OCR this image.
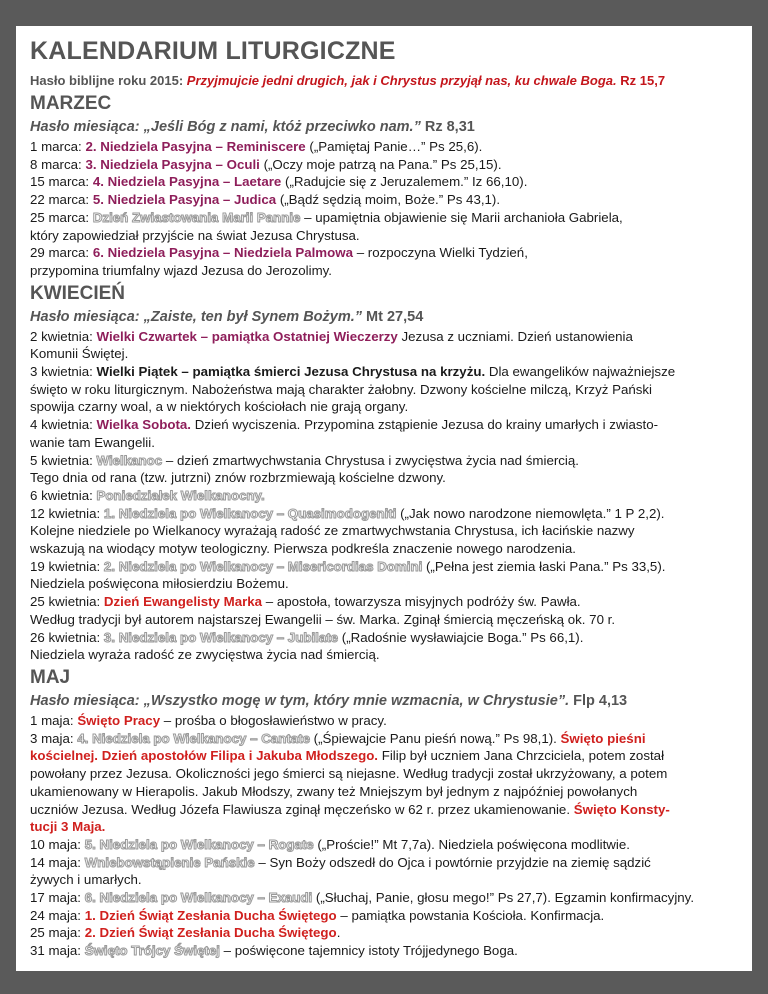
KALENDARIUM LITURGICZNE
Hasło biblijne roku 2015: Przyjmujcie jedni drugich, jak i Chrystus przyjął nas, ku chwale Boga. Rz 15,7
MARZEC
Hasło miesiąca: „Jeśli Bóg z nami, któż przeciwko nam.” Rz 8,31

1 marca: 2. Niedziela Pasyjna – Reminiscere („Pamiętaj Panie…” Ps 25,6).

8 marca: 3. Niedziela Pasyjna – Oculi („Oczy moje patrzą na Pana.” Ps 25,15).

15 marca: 4. Niedziela Pasyjna – Laetare („Radujcie się z Jeruzalemem.” Iz 66,10).

22 marca: 5. Niedziela Pasyjna – Judica („Bądź sędzią moim, Boże.” Ps 43,1).

25 marca: Dzień Zwiastowania Marii Pannie – upamiętnia objawienie się Marii archanioła Gabriela,
który zapowiedział przyjście na świat Jezusa Chrystusa.

29 marca: 6. Niedziela Pasyjna – Niedziela Palmowa – rozpoczyna Wielki Tydzień,
przypomina triumfalny wjazd Jezusa do Jerozolimy.

KWIECIEŃ
Hasło miesiąca: „Zaiste, ten był Synem Bożym.” Mt 27,54

2 kwietnia: Wielki Czwartek – pamiątka Ostatniej Wieczerzy Jezusa z uczniami. Dzień ustanowienia
Komunii Świętej.

3 kwietnia: Wielki Piątek – pamiątka śmierci Jezusa Chrystusa na krzyżu. Dla ewangelików najważniejsze
święto w roku liturgicznym. Nabożeństwa mają charakter żałobny. Dzwony kościelne milczą, Krzyż Pański
spowija czarny woal, a w niektórych kościołach nie grają organy.

4 kwietnia: Wielka Sobota. Dzień wyciszenia. Przypomina zstąpienie Jezusa do krainy umarłych i zwiasto-
wanie tam Ewangelii.

5 kwietnia: Wielkanoc – dzień zmartwychwstania Chrystusa i zwycięstwa życia nad śmiercią.
Tego dnia od rana (tzw. jutrzni) znów rozbrzmiewają kościelne dzwony.

6 kwietnia: Poniedziałek Wielkanocny.

12 kwietnia: 1. Niedziela po Wielkanocy – Quasimodogeniti („Jak nowo narodzone niemowlęta.” 1 P 2,2).
Kolejne niedziele po Wielkanocy wyrażają radość ze zmartwychwstania Chrystusa, ich łacińskie nazwy
wskazują na wiodący motyw teologiczny. Pierwsza podkreśla znaczenie nowego narodzenia.

19 kwietnia: 2. Niedziela po Wielkanocy – Misericordias Domini („Pełna jest ziemia łaski Pana.” Ps 33,5).
Niedziela poświęcona miłosierdziu Bożemu.

25 kwietnia: Dzień Ewangelisty Marka – apostoła, towarzysza misyjnych podróży św. Pawła.
Według tradycji był autorem najstarszej Ewangelii – św. Marka. Zginął śmiercią męczeńską ok. 70 r.

26 kwietnia: 3. Niedziela po Wielkanocy – Jubilate („Radośnie wysławiajcie Boga.” Ps 66,1).
Niedziela wyraża radość ze zwycięstwa życia nad śmiercią.

MAJ
Hasło miesiąca: „Wszystko mogę w tym, który mnie wzmacnia, w Chrystusie”. Flp 4,13

1 maja: Święto Pracy – prośba o błogosławieństwo w pracy.

3 maja: 4. Niedziela po Wielkanocy – Cantate („Śpiewajcie Panu pieśń nową.” Ps 98,1). Święto pieśni
kościelnej. Dzień apostołów Filipa i Jakuba Młodszego. Filip był uczniem Jana Chrzciciela, potem został
powołany przez Jezusa. Okoliczności jego śmierci są niejasne. Według tradycji został ukrzyżowany, a potem
ukamienowany w Hierapolis. Jakub Młodszy, zwany też Mniejszym był jednym z najpóźniej powołanych
uczniów Jezusa. Według Józefa Flawiusza zginął męczeńsko w 62 r. przez ukamienowanie. Święto Konsty-
tucji 3 Maja.

10 maja: 5. Niedziela po Wielkanocy – Rogate („Proście!” Mt 7,7a). Niedziela poświęcona modlitwie.

14 maja: Wniebowstąpienie Pańskie – Syn Boży odszedł do Ojca i powtórnie przyjdzie na ziemię sądzić
żywych i umarłych.

17 maja: 6. Niedziela po Wielkanocy – Exaudi („Słuchaj, Panie, głosu mego!” Ps 27,7). Egzamin konfirmacyjny.

24 maja: 1. Dzień Świąt Zesłania Ducha Świętego – pamiątka powstania Kościoła. Konfirmacja.

25 maja: 2. Dzień Świąt Zesłania Ducha Świętego.

31 maja: Święto Trójcy Świętej – poświęcone tajemnicy istoty Trójjedynego Boga.
